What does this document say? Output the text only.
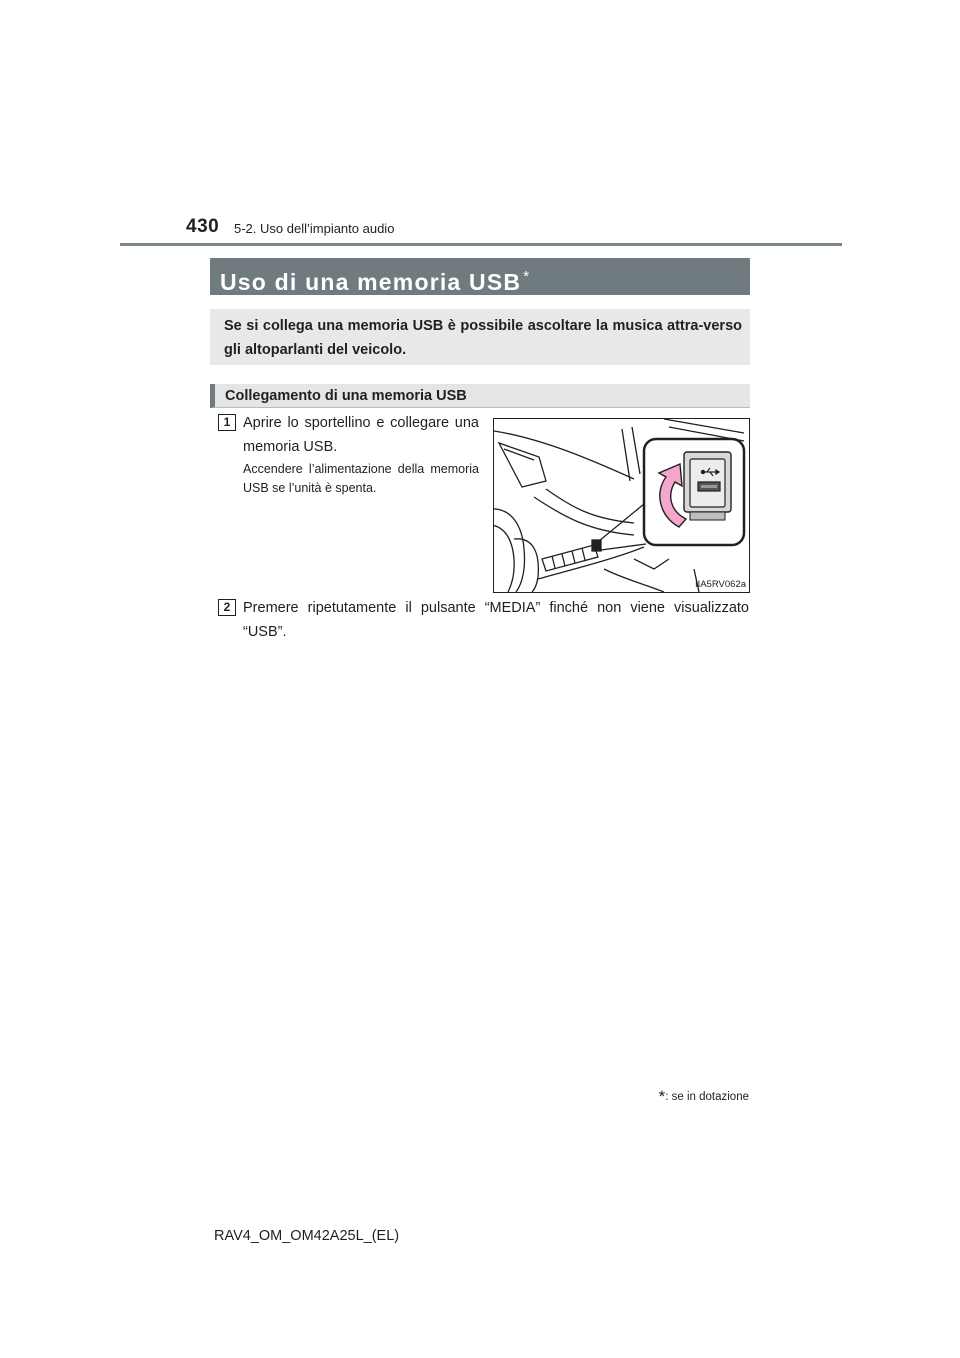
430 5-2. Uso dell’impianto audio
Uso di una memoria USB *
Se si collega una memoria USB è possibile ascoltare la musica attra-verso gli altoparlanti del veicolo.
Collegamento di una memoria USB
1 Aprire lo sportellino e collegare una memoria USB.
Accendere l’alimentazione della memoria USB se l’unità è spenta.
IIA5RV062a
2 Premere ripetutamente il pulsante “MEDIA” finché non viene visualizzato “USB”.
*: se in dotazione
RAV4_OM_OM42A25L_(EL)
